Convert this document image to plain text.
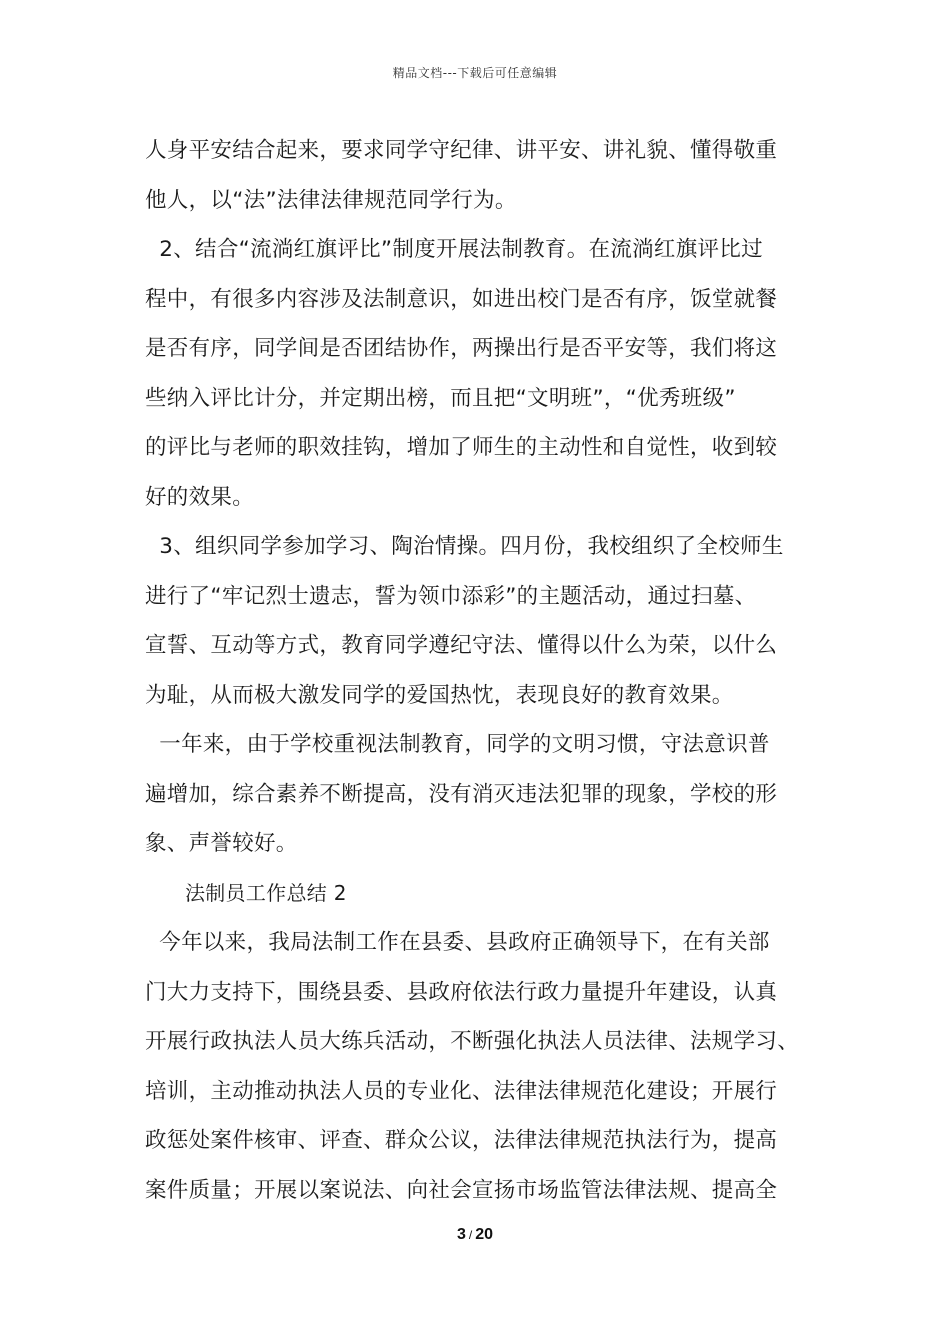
精品文档---下载后可任意编辑
人身平安结合起来，要求同学守纪律、讲平安、讲礼貌、懂得敬重
他人，以“法”法律法律规范同学行为。
2、结合“流淌红旗评比”制度开展法制教育。在流淌红旗评比过
程中，有很多内容涉及法制意识，如进出校门是否有序，饭堂就餐
是否有序，同学间是否团结协作，两操出行是否平安等，我们将这
些纳入评比计分，并定期出榜，而且把“文明班”，“优秀班级”
的评比与老师的职效挂钩，增加了师生的主动性和自觉性，收到较
好的效果。
3、组织同学参加学习、陶治情操。四月份，我校组织了全校师生
进行了“牢记烈士遗志，誓为领巾添彩”的主题活动，通过扫墓、
宣誓、互动等方式，教育同学遵纪守法、懂得以什么为荣，以什么
为耻，从而极大激发同学的爱国热忱，表现良好的教育效果。
一年来，由于学校重视法制教育，同学的文明习惯，守法意识普
遍增加，综合素养不断提高，没有消灭违法犯罪的现象，学校的形
象、声誉较好。
法制员工作总结 2
今年以来，我局法制工作在县委、县政府正确领导下，在有关部
门大力支持下，围绕县委、县政府依法行政力量提升年建设，认真
开展行政执法人员大练兵活动，不断强化执法人员法律、法规学习、
培训，主动推动执法人员的专业化、法律法律规范化建设；开展行
政惩处案件核审、评查、群众公议，法律法律规范执法行为，提高
案件质量；开展以案说法、向社会宣扬市场监管法律法规、提高全
3 / 20
